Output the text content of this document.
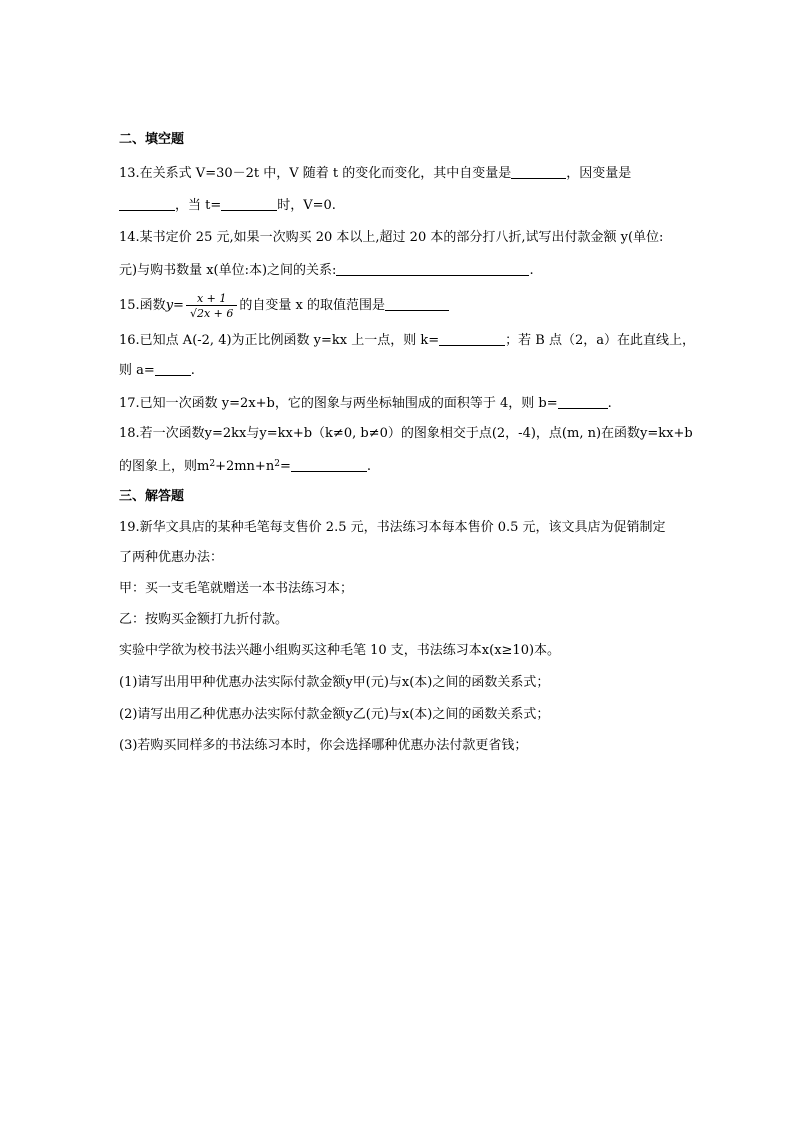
二、填空题
13.在关系式 V=30－2t 中，V 随着 t 的变化而变化，其中自变量是	，因变量是
，当 t=	时，V=0.
14.某书定价 25 元,如果一次购买 20 本以上,超过 20 本的部分打八折,试写出付款金额 y(单位:
元)与购书数量 x(单位:本)之间的关系:	.
15.函数$y= \frac{x + 1}{√2x + 6}$ 的自变量 x 的取值范围是
16.已知点 A(-2, 4)为正比例函数 y=kx 上一点，则 k=	；若 B 点（2，a）在此直线上，
则 a=	.
17.已知一次函数 y=2x+b，它的图象与两坐标轴围成的面积等于 4，则 b=	.
18.若一次函数y=2kx与y=kx+b（k≠0, b≠0）的图象相交于点(2，-4)，点(m, n)在函数y=kx+b
的图象上，则$m^2+2mn+n^2=$	.
三、解答题
19.新华文具店的某种毛笔每支售价 2.5 元，书法练习本每本售价 0.5 元，该文具店为促销制定
了两种优惠办法：
甲：买一支毛笔就赠送一本书法练习本；
乙：按购买金额打九折付款。
实验中学欲为校书法兴趣小组购买这种毛笔 10 支，书法练习本x(x≥10)本。
(1)请写出用甲种优惠办法实际付款金额y甲(元)与x(本)之间的函数关系式；
(2)请写出用乙种优惠办法实际付款金额y乙(元)与x(本)之间的函数关系式；
(3)若购买同样多的书法练习本时，你会选择哪种优惠办法付款更省钱；
